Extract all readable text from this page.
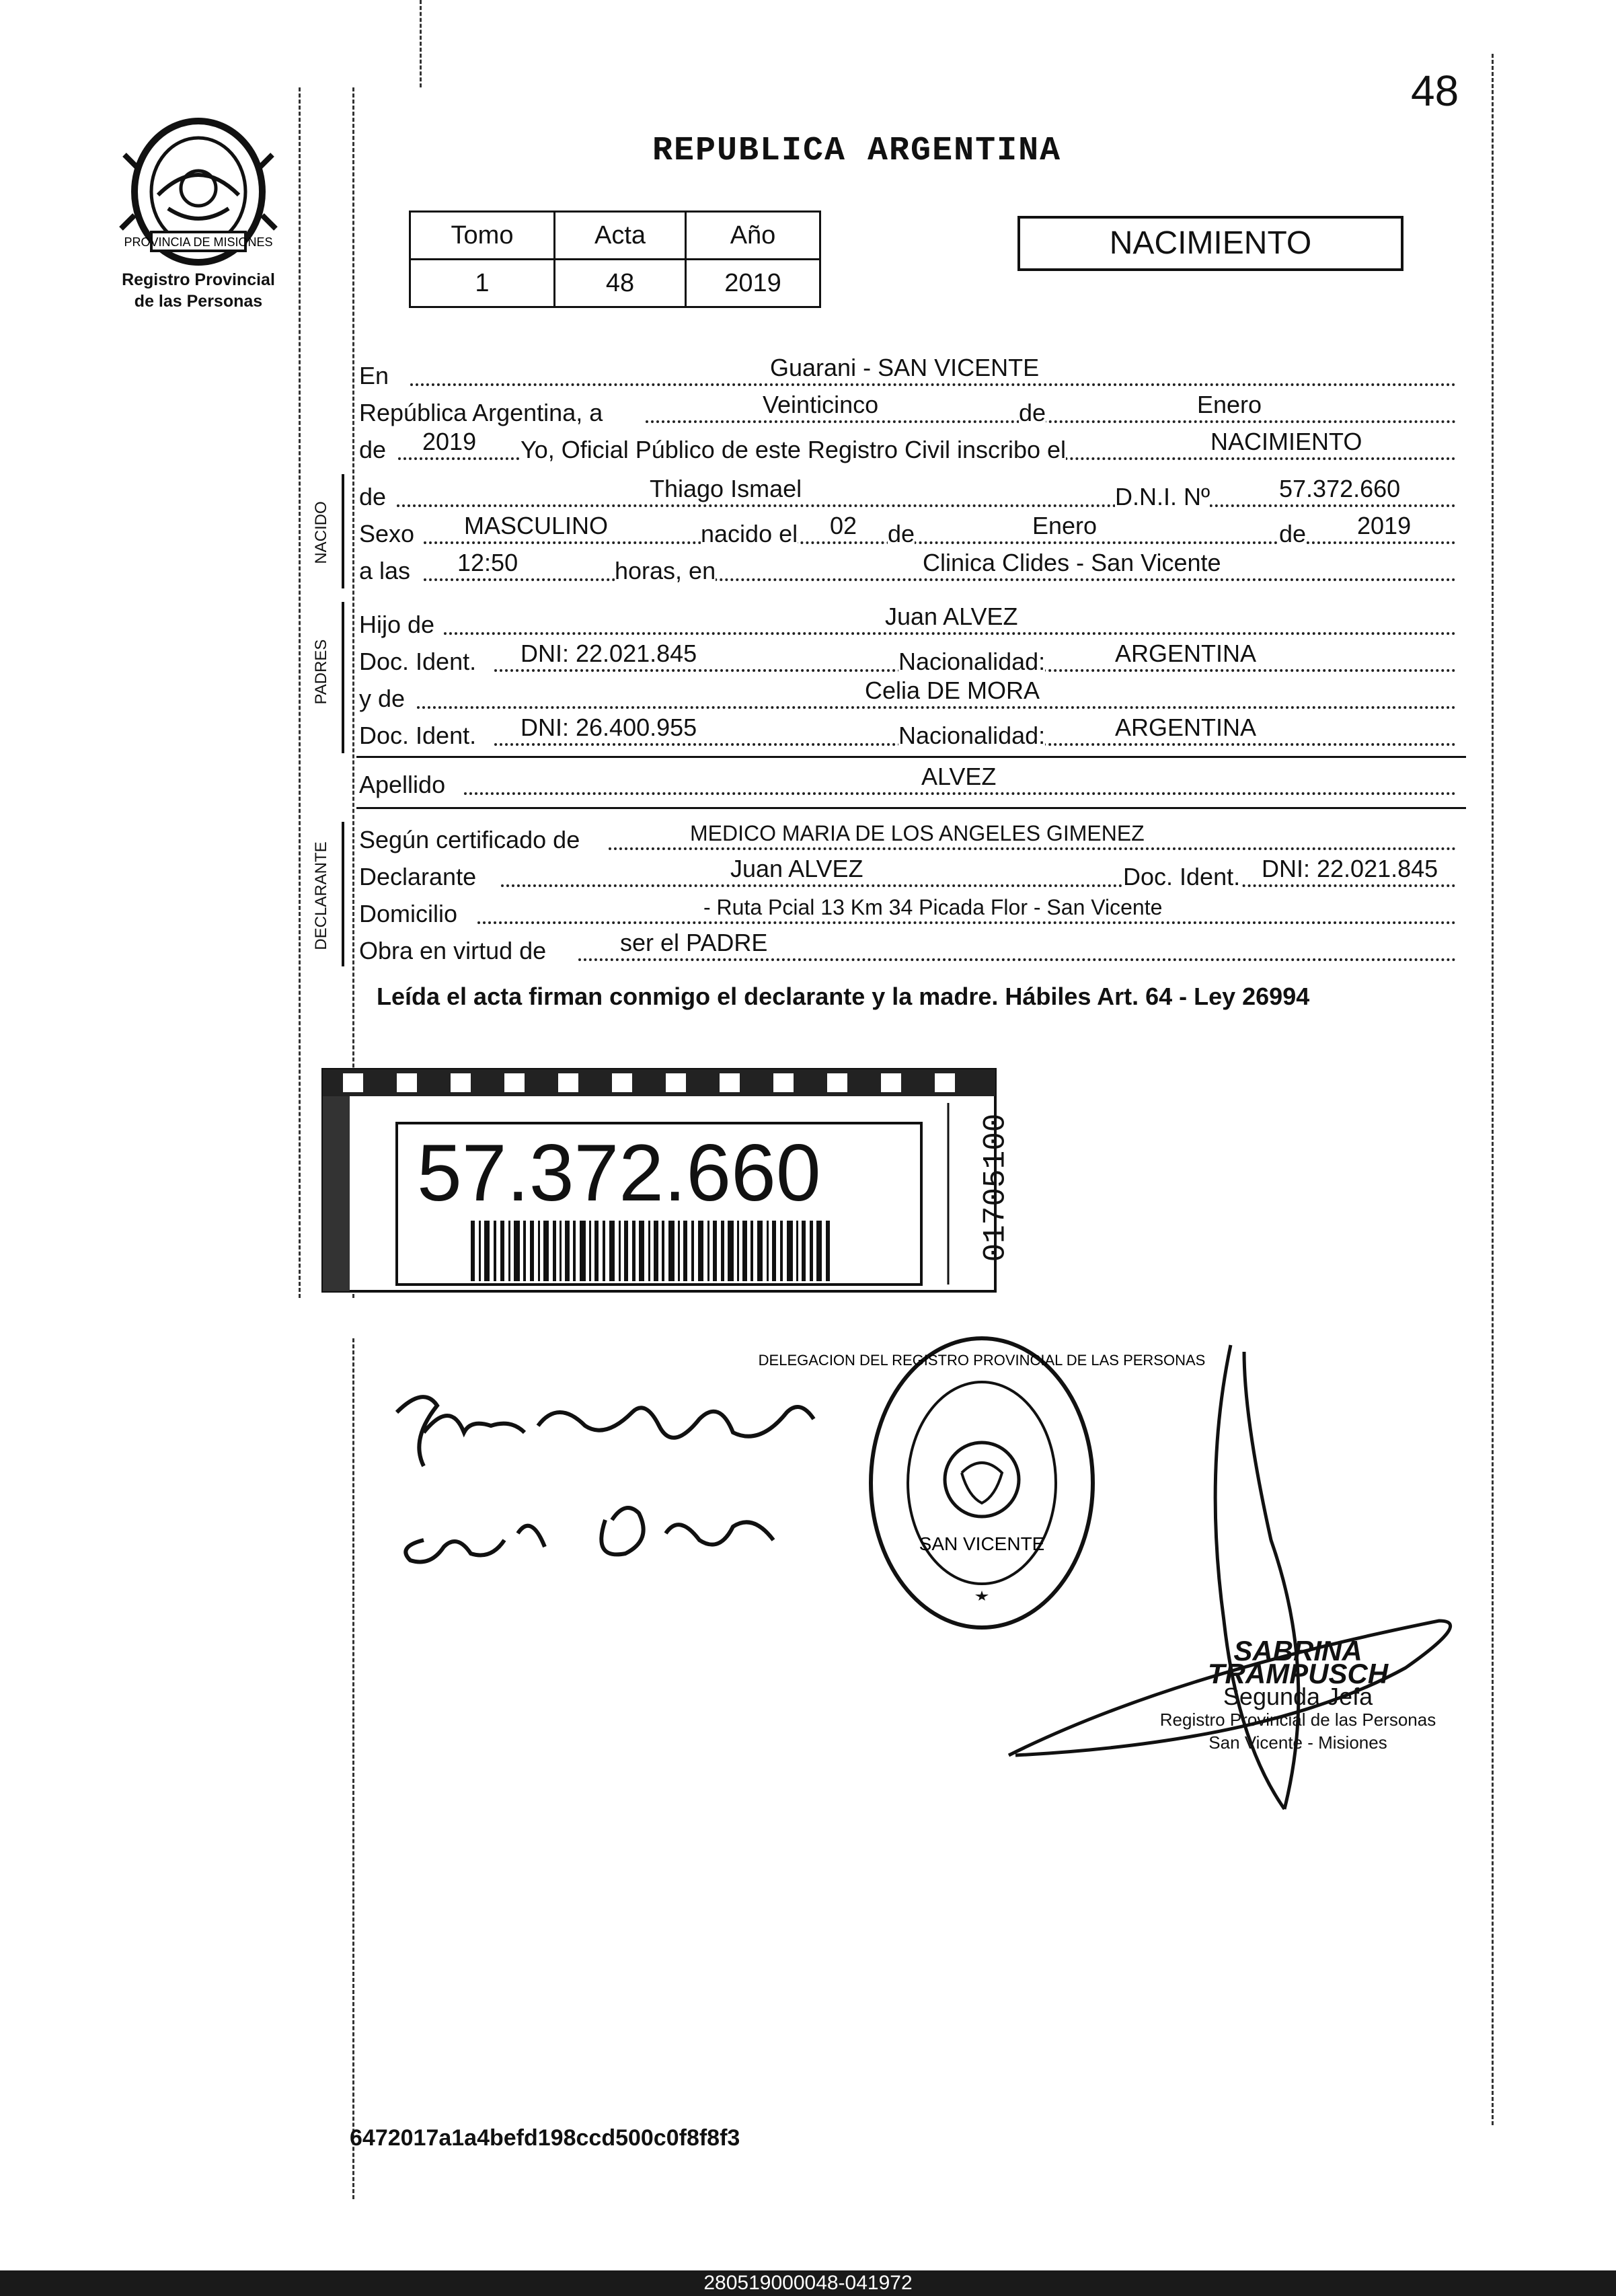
48
PROVINCIA DE MISIONES
Registro Provincial
de las Personas
REPUBLICA ARGENTINA
Tomo	Acta	Año
1	48	2019
NACIMIENTO
En	Guarani - SAN VICENTE
República Argentina, a	Veinticinco	de	Enero
de 2019 Yo, Oficial Público de este Registro Civil inscribo el	NACIMIENTO
NACIDO
de	Thiago Ismael	D.N.I. Nº	57.372.660
Sexo MASCULINO	nacido el 02 de	Enero	de 2019
a las 12:50	horas, en	Clinica Clides - San Vicente
PADRES
Hijo de	Juan ALVEZ
Doc. Ident. DNI: 22.021.845	Nacionalidad:	ARGENTINA
y de	Celia DE MORA
Doc. Ident. DNI: 26.400.955	Nacionalidad:	ARGENTINA
Apellido	ALVEZ
DECLARANTE
Según certificado de	MEDICO MARIA DE LOS ANGELES GIMENEZ
Declarante	Juan ALVEZ	Doc. Ident. DNI: 22.021.845
Domicilio	- Ruta Pcial 13 Km 34 Picada Flor - San Vicente
Obra en virtud de	ser el PADRE
Leída el acta firman conmigo el declarante y la madre. Hábiles Art. 64 - Ley 26994
57.372.660	01705100
SAN VICENTE
DELEGACION DEL REGISTRO PROVINCIAL DE LAS PERSONAS
SABRINA TRAMPUSCH
Segunda Jefa
Registro Provincial de las Personas
San Vicente - Misiones
6472017a1a4befd198ccd500c0f8f8f3
280519000048-041972
